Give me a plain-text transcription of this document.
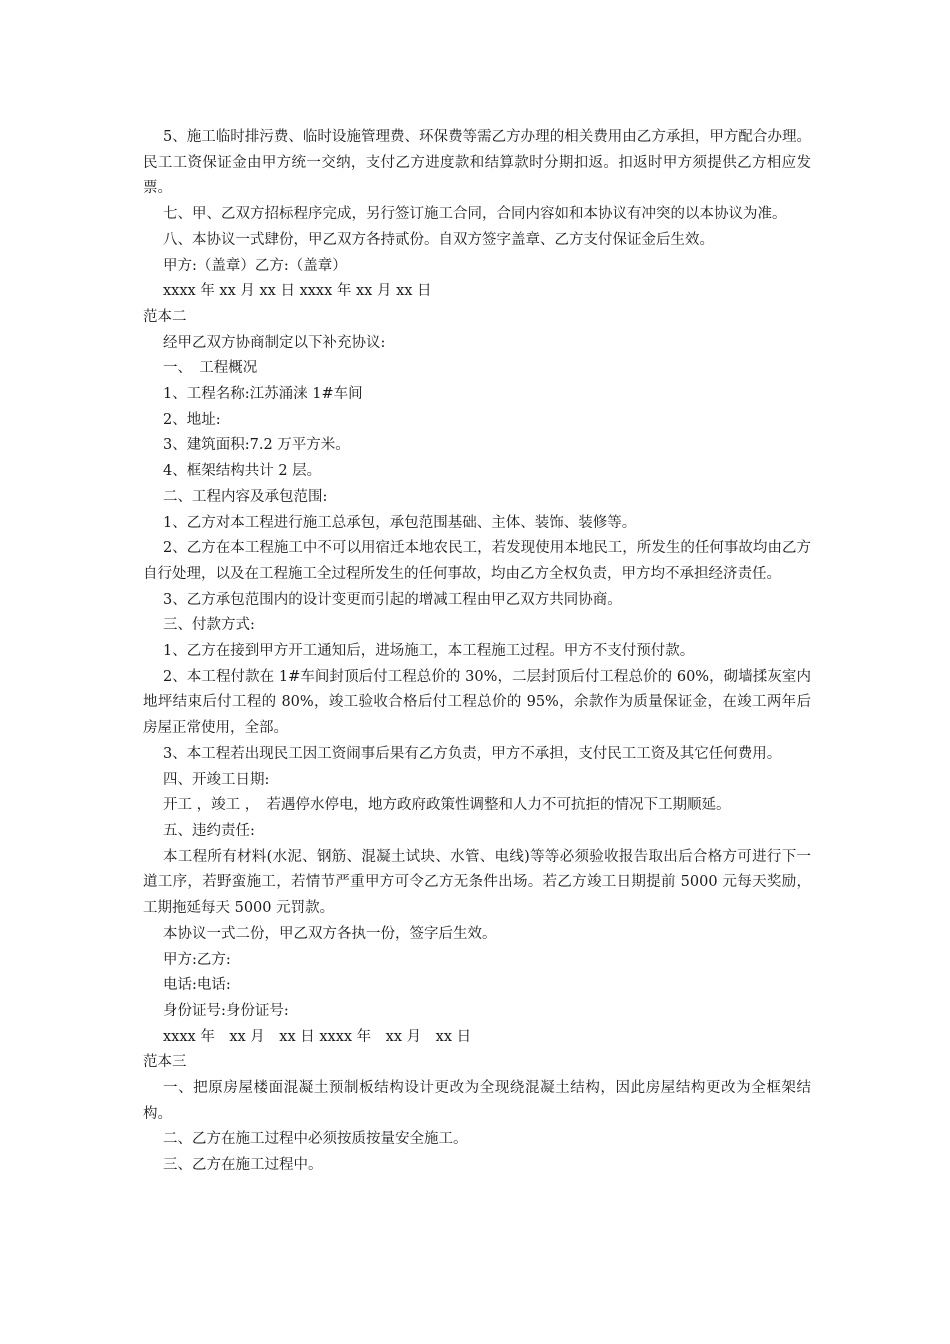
5、施工临时排污费、临时设施管理费、环保费等需乙方办理的相关费用由乙方承担，甲方配合办理。民工工资保证金由甲方统一交纳，支付乙方进度款和结算款时分期扣返。扣返时甲方须提供乙方相应发票。

七、甲、乙双方招标程序完成，另行签订施工合同，合同内容如和本协议有冲突的以本协议为准。

八、本协议一式肆份，甲乙双方各持贰份。自双方签字盖章、乙方支付保证金后生效。

甲方:（盖章）乙方:（盖章）

xxxx 年 xx 月 xx 日 xxxx 年 xx 月 xx 日

范本二

经甲乙双方协商制定以下补充协议:

一、　工程概况

1、工程名称:江苏涌涞 1#车间

2、地址:

3、建筑面积:7.2 万平方米。

4、框架结构共计 2 层。

二、工程内容及承包范围:

1、乙方对本工程进行施工总承包，承包范围基础、主体、装饰、装修等。

2、乙方在本工程施工中不可以用宿迁本地农民工，若发现使用本地民工，所发生的任何事故均由乙方自行处理，以及在工程施工全过程所发生的任何事故，均由乙方全权负责，甲方均不承担经济责任。

3、乙方承包范围内的设计变更而引起的增减工程由甲乙双方共同协商。

三、付款方式:

1、乙方在接到甲方开工通知后，进场施工，本工程施工过程。甲方不支付预付款。

2、本工程付款在 1#车间封顶后付工程总价的 30%，二层封顶后付工程总价的 60%，砌墙揉灰室内地坪结束后付工程的 80%，竣工验收合格后付工程总价的 95%，余款作为质量保证金，在竣工两年后房屋正常使用，全部。

3、本工程若出现民工因工资闹事后果有乙方负责，甲方不承担，支付民工工资及其它任何费用。

四、开竣工日期:

开工 ，竣工 ，　若遇停水停电，地方政府政策性调整和人力不可抗拒的情况下工期顺延。

五、违约责任:

本工程所有材料(水泥、钢筋、混凝土试块、水管、电线)等等必须验收报告取出后合格方可进行下一道工序，若野蛮施工，若情节严重甲方可令乙方无条件出场。若乙方竣工日期提前 5000 元每天奖励，工期拖延每天 5000 元罚款。

本协议一式二份，甲乙双方各执一份，签字后生效。

甲方:乙方:

电话:电话:

身份证号:身份证号:

xxxx 年　xx 月　xx 日 xxxx 年　xx 月　xx 日

范本三

一、把原房屋楼面混凝土预制板结构设计更改为全现绕混凝土结构，因此房屋结构更改为全框架结构。

二、乙方在施工过程中必须按质按量安全施工。

三、乙方在施工过程中。
